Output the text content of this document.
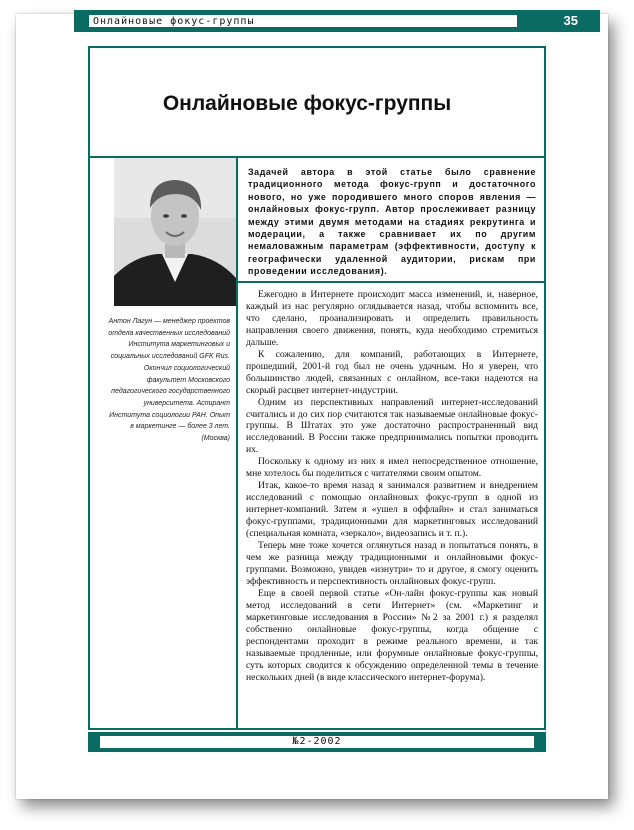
Онлайновые фокус-группы	35
Онлайновые фокус-группы
Антон Лагун — менеджер проектов отдела качественных исследований Института маркетинговых и социальных исследований GFK Rus. Окончил социологический факультет Московского педагогического государственного университета. Аспирант Института социологии РАН. Опыт в маркетинге — более 3 лет. (Москва)
Задачей автора в этой статье было сравнение традиционного метода фокус-групп и достаточного нового, но уже породившего много споров явления — онлайновых фокус-групп. Автор прослеживает разницу между этими двумя методами на стадиях рекрутинга и модерации, а также сравнивает их по другим немаловажным параметрам (эффективности, доступу к географически удаленной аудитории, рискам при проведении исследования).

Ежегодно в Интернете происходит масса изменений, и, наверное, каждый из нас регулярно оглядывается назад, чтобы вспомнить все, что сделано, проанализировать и определить правильность направления своего движения, понять, куда необходимо стремиться дальше.

К сожалению, для компаний, работающих в Интернете, прошедший, 2001-й год был не очень удачным. Но я уверен, что большинство людей, связанных с онлайном, все-таки надеются на скорый расцвет интернет-индустрии.

Одним из перспективных направлений интернет-исследований считались и до сих пор считаются так называемые онлайновые фокус-группы. В Штатах это уже достаточно распространенный вид исследований. В России также предпринимались попытки проводить их.

Поскольку к одному из них я имел непосредственное отношение, мне хотелось бы поделиться с читателями своим опытом.

Итак, какое-то время назад я занимался развитием и внедрением исследований с помощью онлайновых фокус-групп в одной из интернет-компаний. Затем я «ушел в оффлайн» и стал заниматься фокус-группами, традиционными для маркетинговых исследований (специальная комната, «зеркало», видеозапись и т. п.).

Теперь мне тоже хочется оглянуться назад и попытаться понять, в чем же разница между традиционными и онлайновыми фокус-группами. Возможно, увидев «изнутри» то и другое, я смогу оценить эффективность и перспективность онлайновых фокус-групп.

Еще в своей первой статье «Он-лайн фокус-группы как новый метод исследований в сети Интернет» (см. «Маркетинг и маркетинговые исследования в России» №2 за 2001 г.) я разделял собственно онлайновые фокус-группы, когда общение с респондентами проходит в режиме реального времени, и так называемые продленные, или форумные онлайновые фокус-группы, суть которых сводится к обсуждению определенной темы в течение нескольких дней (в виде классического интернет-форума).

№2-2002
